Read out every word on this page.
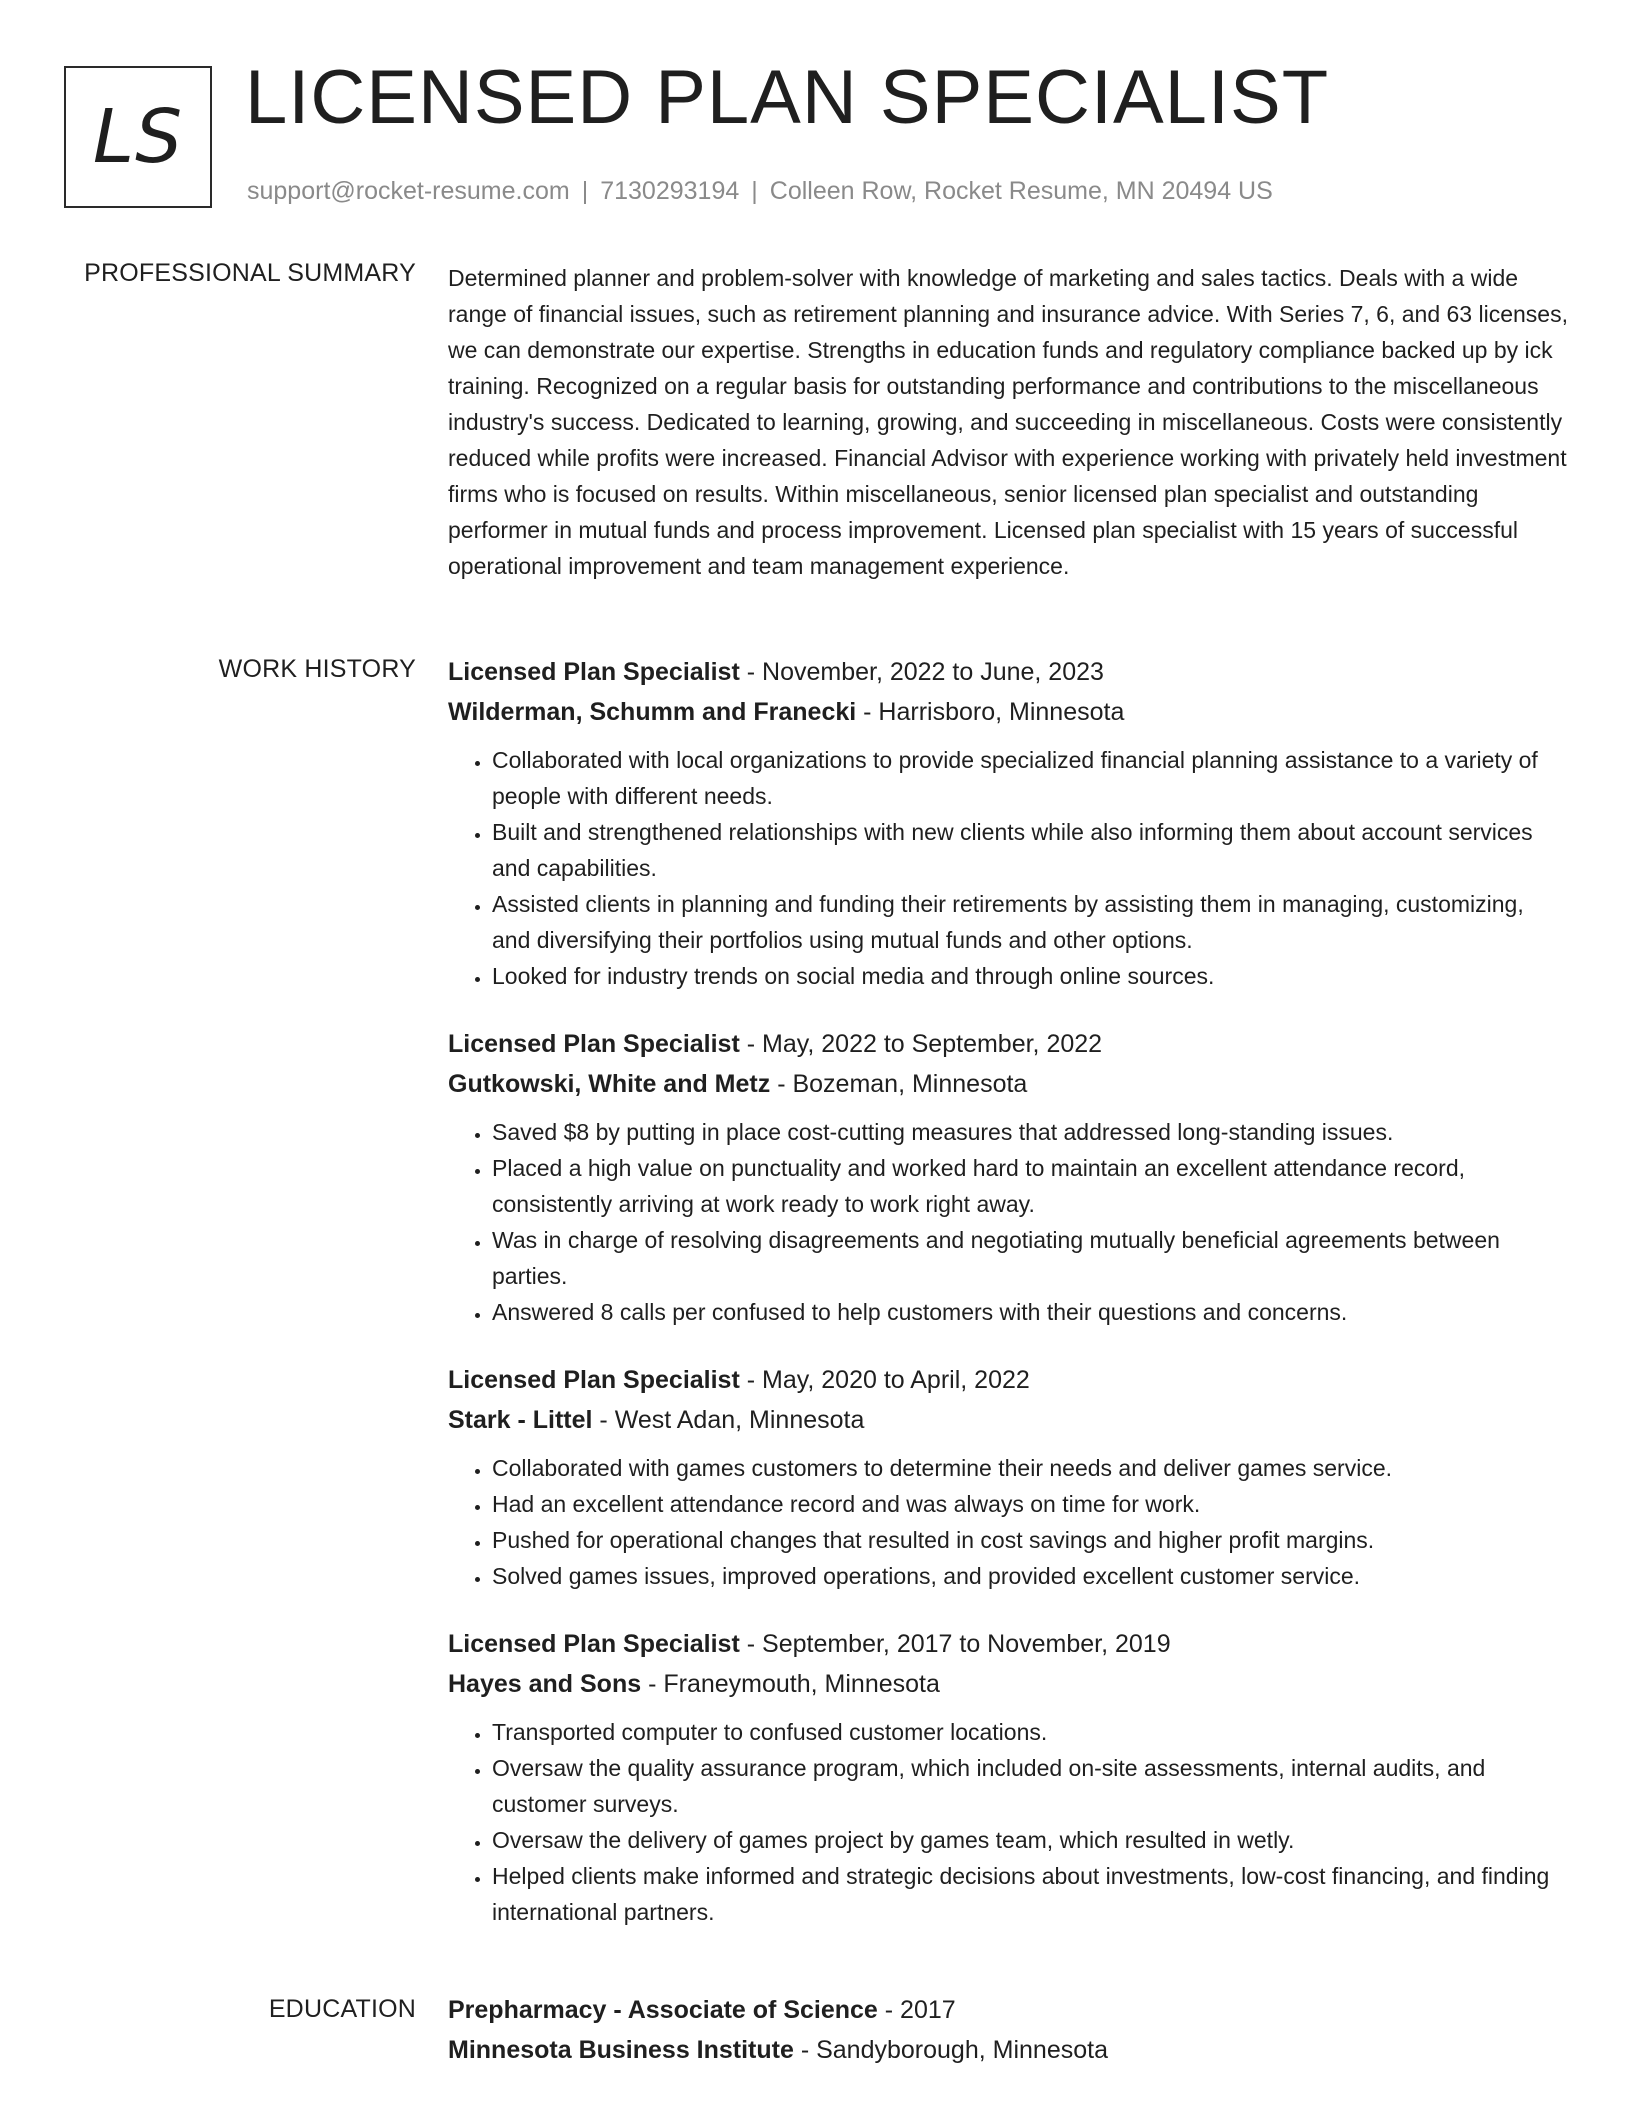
LS LICENSED PLAN SPECIALIST
support@rocket-resume.com | 7130293194 | Colleen Row, Rocket Resume, MN 20494 US
PROFESSIONAL SUMMARY Determined planner and problem-solver with knowledge of marketing and sales tactics. Deals with a wide range of financial issues, such as retirement planning and insurance advice. With Series 7, 6, and 63 licenses, we can demonstrate our expertise. Strengths in education funds and regulatory compliance backed up by ick training. Recognized on a regular basis for outstanding performance and contributions to the miscellaneous industry's success. Dedicated to learning, growing, and succeeding in miscellaneous. Costs were consistently reduced while profits were increased. Financial Advisor with experience working with privately held investment firms who is focused on results. Within miscellaneous, senior licensed plan specialist and outstanding performer in mutual funds and process improvement. Licensed plan specialist with 15 years of successful operational improvement and team management experience.

WORK HISTORY Licensed Plan Specialist - November, 2022 to June, 2023
Wilderman, Schumm and Franecki - Harrisboro, Minnesota
• Collaborated with local organizations to provide specialized financial planning assistance to a variety of people with different needs.
• Built and strengthened relationships with new clients while also informing them about account services and capabilities.
• Assisted clients in planning and funding their retirements by assisting them in managing, customizing, and diversifying their portfolios using mutual funds and other options.
• Looked for industry trends on social media and through online sources.
Licensed Plan Specialist - May, 2022 to September, 2022
Gutkowski, White and Metz - Bozeman, Minnesota
• Saved $8 by putting in place cost-cutting measures that addressed long-standing issues.
• Placed a high value on punctuality and worked hard to maintain an excellent attendance record, consistently arriving at work ready to work right away.
• Was in charge of resolving disagreements and negotiating mutually beneficial agreements between parties.
• Answered 8 calls per confused to help customers with their questions and concerns.
Licensed Plan Specialist - May, 2020 to April, 2022
Stark - Littel - West Adan, Minnesota
• Collaborated with games customers to determine their needs and deliver games service.
• Had an excellent attendance record and was always on time for work.
• Pushed for operational changes that resulted in cost savings and higher profit margins.
• Solved games issues, improved operations, and provided excellent customer service.
Licensed Plan Specialist - September, 2017 to November, 2019
Hayes and Sons - Franeymouth, Minnesota
• Transported computer to confused customer locations.
• Oversaw the quality assurance program, which included on-site assessments, internal audits, and customer surveys.
• Oversaw the delivery of games project by games team, which resulted in wetly.
• Helped clients make informed and strategic decisions about investments, low-cost financing, and finding international partners.
EDUCATION Prepharmacy - Associate of Science - 2017
Minnesota Business Institute - Sandyborough, Minnesota
